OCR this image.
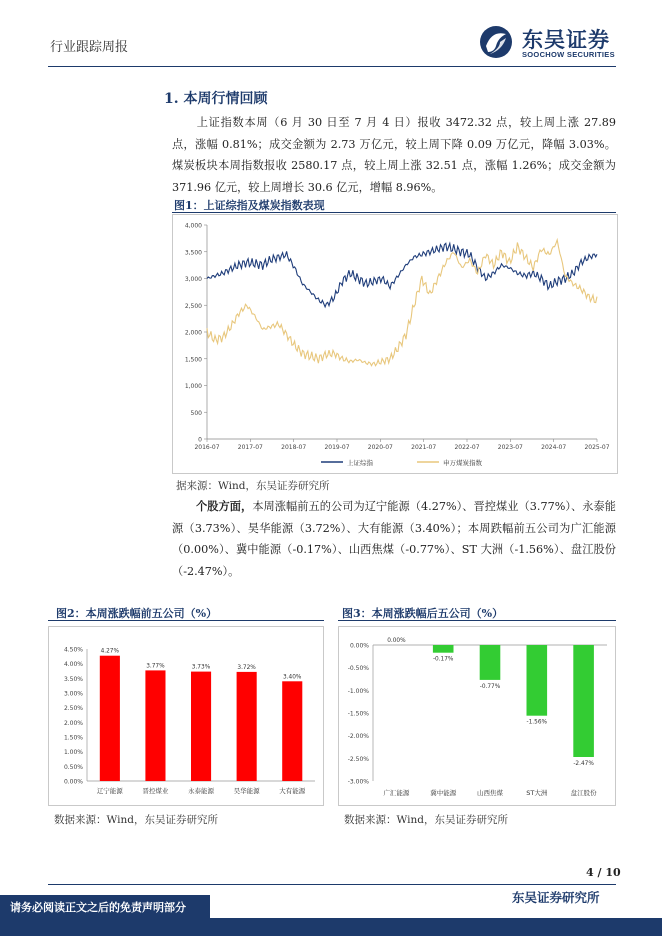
行业跟踪周报	东吴证券
SOOCHOW SECURITIES
1. 本周行情回顾
上证指数本周（6 月 30 日至 7 月 4 日）报收 3472.32 点，较上周上涨 27.89 点，涨幅 0.81%；成交金额为 2.73 万亿元，较上周下降 0.09 万亿元，降幅 3.03%。煤炭板块本周指数报收 2580.17 点，较上周上涨 32.51 点，涨幅 1.26%；成交金额为 371.96 亿元，较上周增长 30.6 亿元，增幅 8.96%。
图1：上证综指及煤炭指数表现
0
500
1,000
1,500
2,000
2,500
3,000
3,500
4,000
2016-07	2017-07	2018-07	2019-07	2020-07	2021-07	2022-07	2023-07	2024-07	2025-07
上证综指	申万煤炭指数
据来源：Wind，东吴证券研究所
个股方面，本周涨幅前五的公司为辽宁能源（4.27%）、晋控煤业（3.77%）、永泰能源（3.73%）、昊华能源（3.72%）、大有能源（3.40%）；本周跌幅前五公司为广汇能源（0.00%）、冀中能源（-0.17%）、山西焦煤（-0.77%）、ST 大洲（-1.56%）、盘江股份（-2.47%）。
图2：本周涨跌幅前五公司（%）
0.00%
0.50%
1.00%
1.50%
2.00%
2.50%
3.00%
3.50%
4.00%
4.50%	4.27%
辽宁能源
3.77%
晋控煤业
3.73%
永泰能源
3.72%
昊华能源
3.40%
大有能源
数据来源：Wind，东吴证券研究所
图3：本周涨跌幅后五公司（%）
0.00%
-0.50%
-1.00%
-1.50%
-2.00%
-2.50%
-3.00%
0.00%
广汇能源
-0.17%
冀中能源
-0.77%
山西焦煤
-1.56%
ST大洲
-2.47%
盘江股份
数据来源：Wind，东吴证券研究所
4 / 10
东吴证券研究所
请务必阅读正文之后的免责声明部分
